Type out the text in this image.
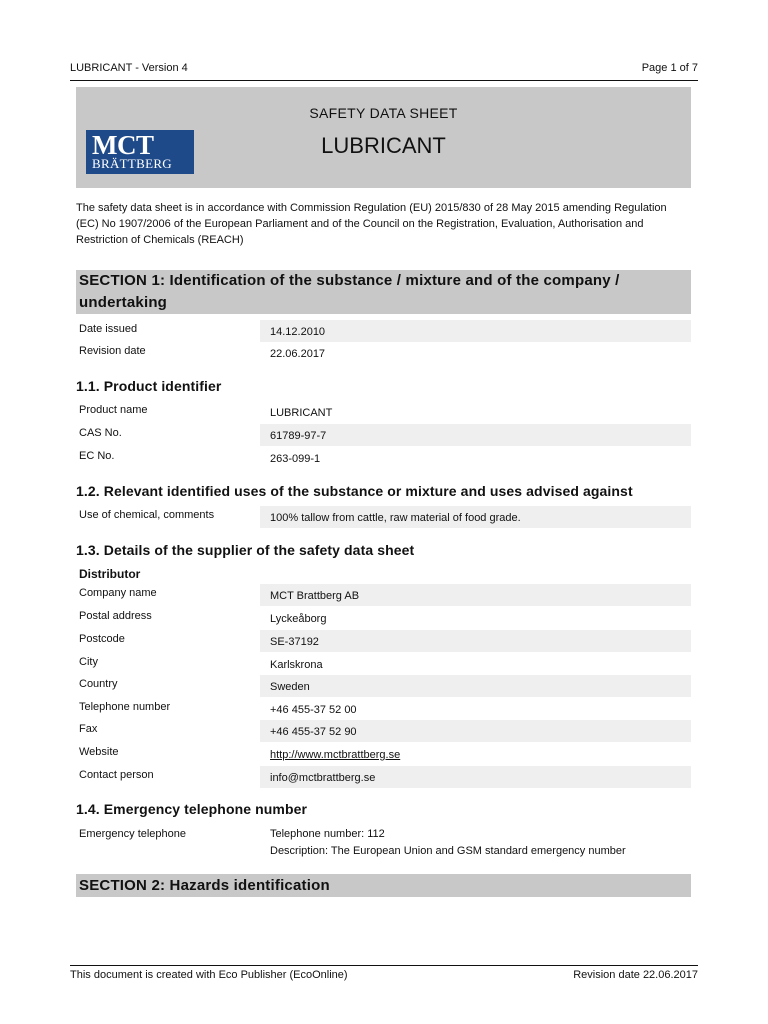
LUBRICANT - Version 4	Page 1 of 7
MCT
BRÄTTBERG
SAFETY DATA SHEET
LUBRICANT
The safety data sheet is in accordance with Commission Regulation (EU) 2015/830 of 28 May 2015 amending Regulation (EC) No 1907/2006 of the European Parliament and of the Council on the Registration, Evaluation, Authorisation and Restriction of Chemicals (REACH)
SECTION 1: Identification of the substance / mixture and of the company / undertaking
Date issued	14.12.2010
Revision date	22.06.2017
1.1. Product identifier
Product name	LUBRICANT
CAS No.	61789-97-7
EC No.	263-099-1
1.2. Relevant identified uses of the substance or mixture and uses advised against
Use of chemical, comments	100% tallow from cattle, raw material of food grade.
1.3. Details of the supplier of the safety data sheet
Distributor
Company name	MCT Brattberg AB
Postal address	Lyckeåborg
Postcode	SE-37192
City	Karlskrona
Country	Sweden
Telephone number	+46 455-37 52 00
Fax	+46 455-37 52 90
Website	http://www.mctbrattberg.se
Contact person	info@mctbrattberg.se
1.4. Emergency telephone number
Emergency telephone	Telephone number: 112
Description: The European Union and GSM standard emergency number
SECTION 2: Hazards identification
This document is created with Eco Publisher (EcoOnline)	Revision date 22.06.2017
